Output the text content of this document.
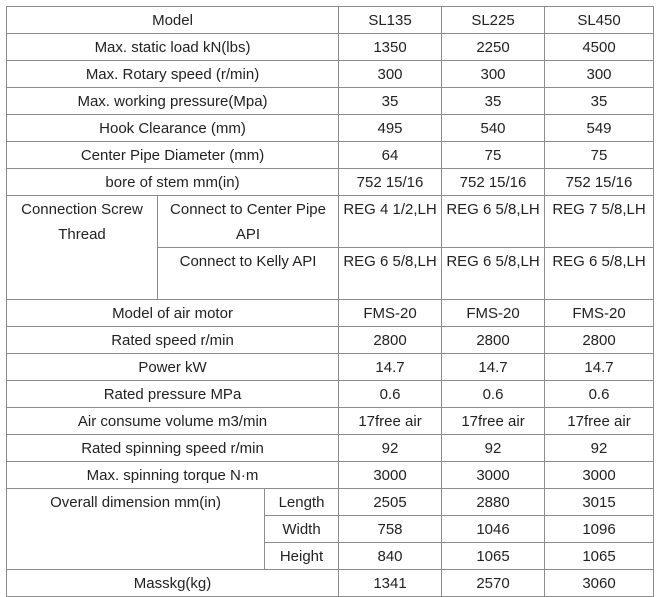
Model			SL135	SL225	SL450
Max. static load kN(lbs)			1350	2250	4500
Max. Rotary speed (r/min)			300	300	300
Max. working pressure(Mpa)			35	35	35
Hook Clearance (mm)			495	540	549
Center Pipe Diameter (mm)			64	75	75
bore of stem mm(in)			752 15/16	752 15/16	752 15/16
Connection Screw Thread	Connect to Center Pipe API		REG 4 1/2,LH	REG 6 5/8,LH	REG 7 5/8,LH
	Connect to Kelly API		REG 6 5/8,LH	REG 6 5/8,LH	REG 6 5/8,LH
Model of air motor			FMS-20	FMS-20	FMS-20
Rated speed r/min			2800	2800	2800
Power kW			14.7	14.7	14.7
Rated pressure MPa			0.6	0.6	0.6
Air consume volume m3/min			17free air	17free air	17free air
Rated spinning speed r/min			92	92	92
Max. spinning torque N·m			3000	3000	3000
Overall dimension mm(in)		Length	2505	2880	3015
		Width	758	1046	1096
		Height	840	1065	1065
Masskg(kg)			1341	2570	3060
